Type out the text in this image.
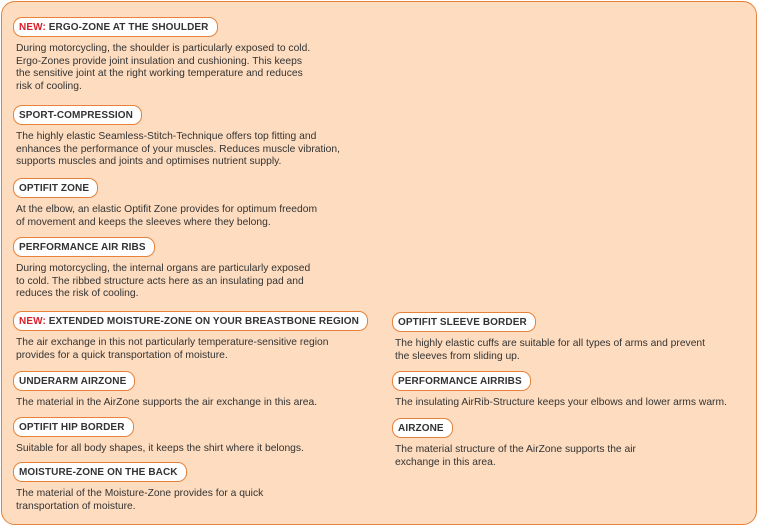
NEW: ERGO-ZONE AT THE SHOULDER
During motorcycling, the shoulder is particularly exposed to cold.
Ergo-Zones provide joint insulation and cushioning. This keeps
the sensitive joint at the right working temperature and reduces
risk of cooling.
SPORT-COMPRESSION
The highly elastic Seamless-Stitch-Technique offers top fitting and
enhances the performance of your muscles. Reduces muscle vibration,
supports muscles and joints and optimises nutrient supply.
OPTIFIT ZONE
At the elbow, an elastic Optifit Zone provides for optimum freedom
of movement and keeps the sleeves where they belong.
PERFORMANCE AIR RIBS
During motorcycling, the internal organs are particularly exposed
to cold. The ribbed structure acts here as an insulating pad and
reduces the risk of cooling.
NEW: EXTENDED MOISTURE-ZONE ON YOUR BREASTBONE REGION
The air exchange in this not particularly temperature-sensitive region
provides for a quick transportation of moisture.
UNDERARM AIRZONE
The material in the AirZone supports the air exchange in this area.
OPTIFIT HIP BORDER
Suitable for all body shapes, it keeps the shirt where it belongs.
MOISTURE-ZONE ON THE BACK
The material of the Moisture-Zone provides for a quick
transportation of moisture.
OPTIFIT SLEEVE BORDER
The highly elastic cuffs are suitable for all types of arms and prevent
the sleeves from sliding up.
PERFORMANCE AIRRIBS
The insulating AirRib-Structure keeps your elbows and lower arms warm.
AIRZONE
The material structure of the AirZone supports the air
exchange in this area.
